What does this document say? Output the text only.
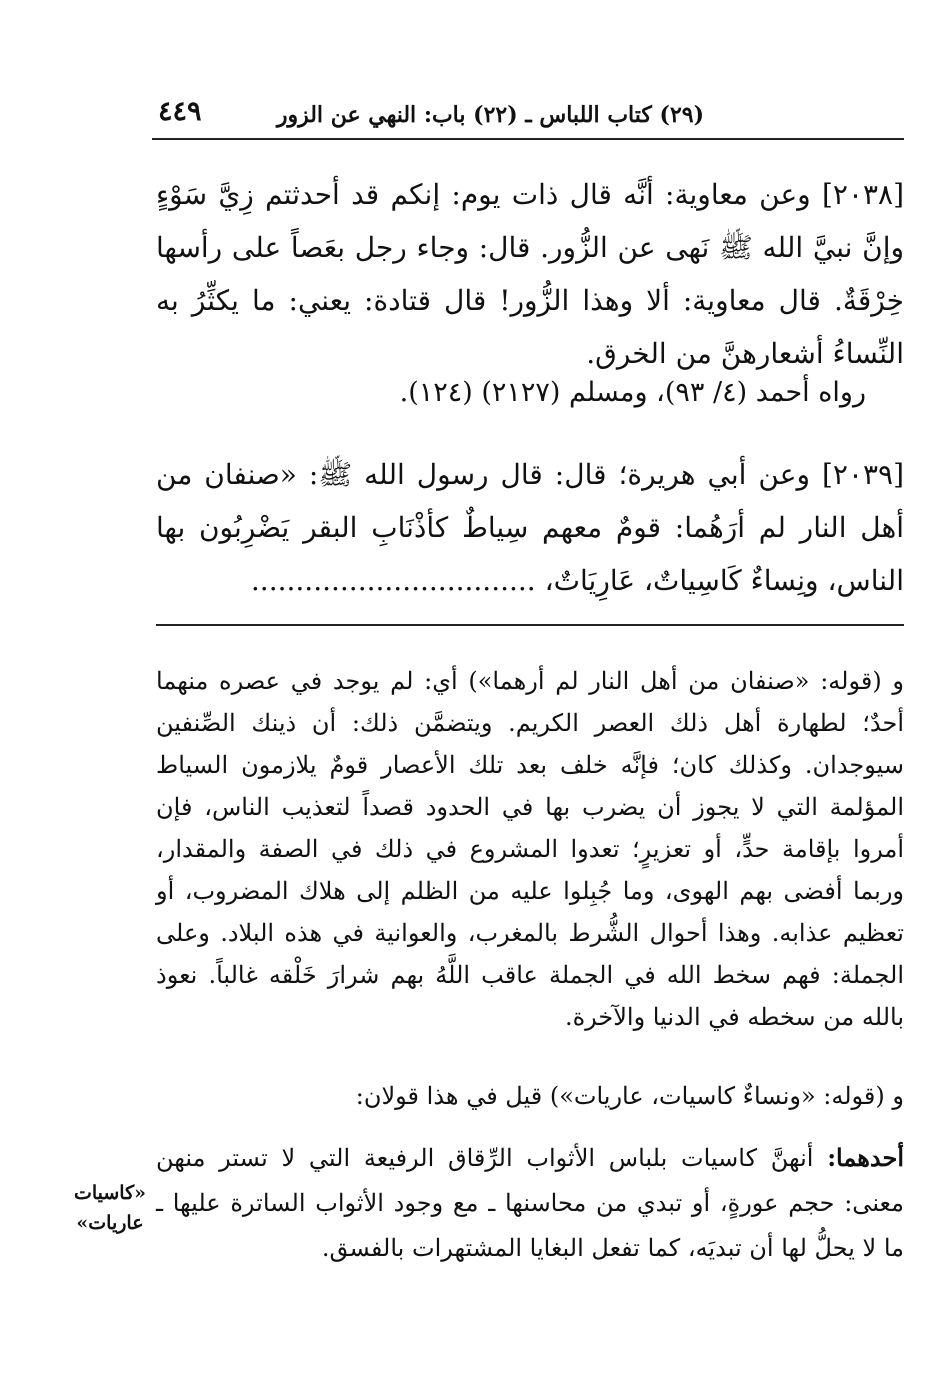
٤٤٩	(٢٩) كتاب اللباس ـ (٢٢) باب: النهي عن الزور
[٢٠٣٨] وعن معاوية: أنَّه قال ذات يوم: إنكم قد أحدثتم زِيَّ سَوْءٍ وإنَّ نبيَّ الله ﷺ نَهى عن الزُّور. قال: وجاء رجل بعَصاً على رأسها خِرْقَةٌ. قال معاوية: ألا وهذا الزُّور! قال قتادة: يعني: ما يكثِّرُ به النِّساءُ أشعارهنَّ من الخرق.
رواه أحمد (٤/ ٩٣)، ومسلم (٢١٢٧) (١٢٤).
[٢٠٣٩] وعن أبي هريرة؛ قال: قال رسول الله ﷺ: «صنفان من أهل النار لم أرَهُما: قومٌ معهم سِياطٌ كأذْنَابِ البقر يَضْرِبُون بها الناس، ونِساءٌ كَاسِياتٌ، عَارِيَاتٌ، ................................
و (قوله: «صنفان من أهل النار لم أرهما») أي: لم يوجد في عصره منهما أحدٌ؛ لطهارة أهل ذلك العصر الكريم. ويتضمَّن ذلك: أن ذينك الصِّنفين سيوجدان. وكذلك كان؛ فإنَّه خلف بعد تلك الأعصار قومٌ يلازمون السياط المؤلمة التي لا يجوز أن يضرب بها في الحدود قصداً لتعذيب الناس، فإن أمروا بإقامة حدٍّ، أو تعزيرٍ؛ تعدوا المشروع في ذلك في الصفة والمقدار، وربما أفضى بهم الهوى، وما جُبِلوا عليه من الظلم إلى هلاك المضروب، أو تعظيم عذابه. وهذا أحوال الشُّرط بالمغرب، والعوانية في هذه البلاد. وعلى الجملة: فهم سخط الله في الجملة عاقب اللَّهُ بهم شرارَ خَلْقه غالباً. نعوذ بالله من سخطه في الدنيا والآخرة.
و (قوله: «ونساءٌ كاسيات، عاريات») قيل في هذا قولان:
أحدهما: أنهنَّ كاسيات بلباس الأثواب الرِّقاق الرفيعة التي لا تستر منهن معنى: حجم عورةٍ، أو تبدي من محاسنها ـ مع وجود الأثواب الساترة عليها ـ ما لا يحلُّ لها أن تبديَه، كما تفعل البغايا المشتهرات بالفسق.
«كاسيات عاريات»
